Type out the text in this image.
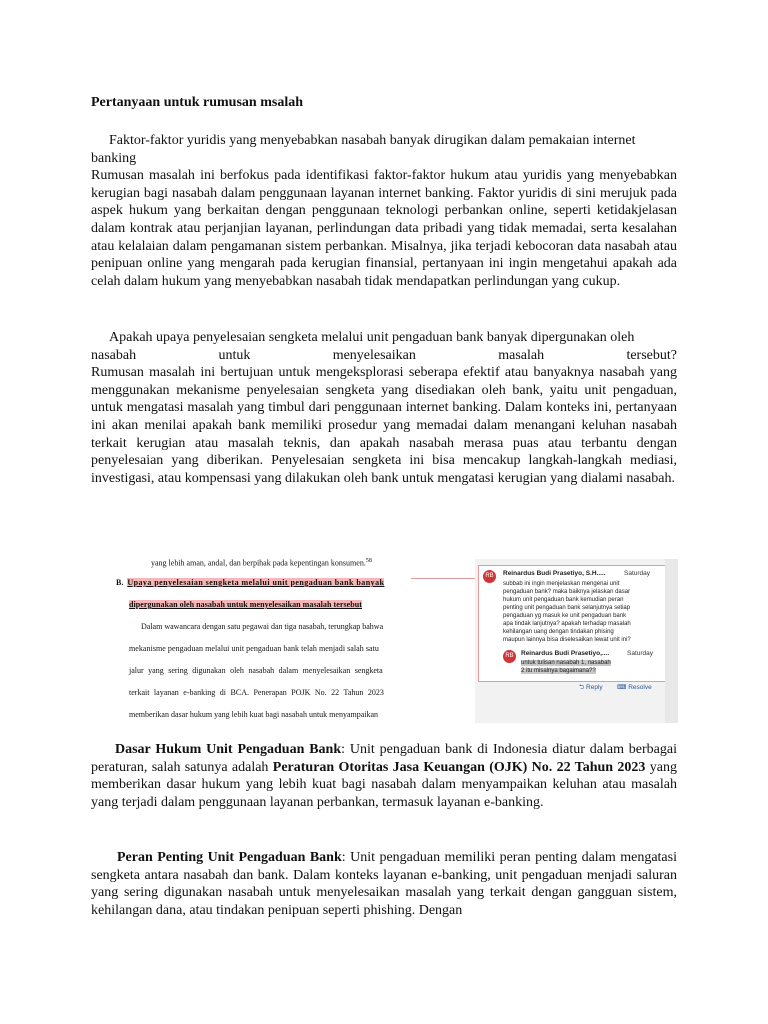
Pertanyaan untuk rumusan msalah
Faktor-faktor yuridis yang menyebabkan nasabah banyak dirugikan dalam pemakaian internet
banking
Rumusan masalah ini berfokus pada identifikasi faktor-faktor hukum atau yuridis yang menyebabkan kerugian bagi nasabah dalam penggunaan layanan internet banking. Faktor yuridis di sini merujuk pada aspek hukum yang berkaitan dengan penggunaan teknologi perbankan online, seperti ketidakjelasan dalam kontrak atau perjanjian layanan, perlindungan data pribadi yang tidak memadai, serta kesalahan atau kelalaian dalam pengamanan sistem perbankan. Misalnya, jika terjadi kebocoran data nasabah atau penipuan online yang mengarah pada kerugian finansial, pertanyaan ini ingin mengetahui apakah ada celah dalam hukum yang menyebabkan nasabah tidak mendapatkan perlindungan yang cukup.
Apakah upaya penyelesaian sengketa melalui unit pengaduan bank banyak dipergunakan oleh
nasabah untuk menyelesaikan masalah tersebut?
Rumusan masalah ini bertujuan untuk mengeksplorasi seberapa efektif atau banyaknya nasabah yang menggunakan mekanisme penyelesaian sengketa yang disediakan oleh bank, yaitu unit pengaduan, untuk mengatasi masalah yang timbul dari penggunaan internet banking. Dalam konteks ini, pertanyaan ini akan menilai apakah bank memiliki prosedur yang memadai dalam menangani keluhan nasabah terkait kerugian atau masalah teknis, dan apakah nasabah merasa puas atau terbantu dengan penyelesaian yang diberikan. Penyelesaian sengketa ini bisa mencakup langkah-langkah mediasi, investigasi, atau kompensasi yang dilakukan oleh bank untuk mengatasi kerugian yang dialami nasabah.
Dasar Hukum Unit Pengaduan Bank: Unit pengaduan bank di Indonesia diatur dalam berbagai peraturan, salah satunya adalah Peraturan Otoritas Jasa Keuangan (OJK) No. 22 Tahun 2023 yang memberikan dasar hukum yang lebih kuat bagi nasabah dalam menyampaikan keluhan atau masalah yang terjadi dalam penggunaan layanan perbankan, termasuk layanan e-banking.
Peran Penting Unit Pengaduan Bank: Unit pengaduan memiliki peran penting dalam mengatasi sengketa antara nasabah dan bank. Dalam konteks layanan e-banking, unit pengaduan menjadi saluran yang sering digunakan nasabah untuk menyelesaikan masalah yang terkait dengan gangguan sistem, kehilangan dana, atau tindakan penipuan seperti phishing. Dengan
yang lebih aman, andal, dan berpihak pada kepentingan konsumen.$^{58}$
B. Upaya penyelesaian sengketa melalui unit pengaduan bank banyak
dipergunakan oleh nasabah untuk menyelesaikan masalah tersebut
Dalam wawancara dengan satu pegawai dan tiga nasabah, terungkap bahwa
mekanisme pengaduan melalui unit pengaduan bank telah menjadi salah satu
jalur yang sering digunakan oleh nasabah dalam menyelesaikan sengketa
terkait layanan e-banking di BCA. Penerapan POJK No. 22 Tahun 2023
memberikan dasar hukum yang lebih kuat bagi nasabah untuk menyampaikan
RB	Reinardus Budi Prasetiyo, S.H.....	Saturday
subbab ini ingin menjelaskan mengenai unit pengaduan bank? maka baiknya jelaskan dasar hukum unit pengaduan bank kemudian peran penting unit pengaduan bank selanjutnya setiap pengaduan yg masuk ke unit pengaduan bank apa tindak lanjutnya? apakah terhadap masalah kehilangan uang dengan tindakan phising maupun lainnya bisa diselesaikan lewat unit ini?
RB	Reinardus Budi Prasetiyo,....	Saturday
untuk tulisan nasabah 1, nasabah 2 itu misalnya bagaimana??
⮌ Reply ⌨ Resolve
